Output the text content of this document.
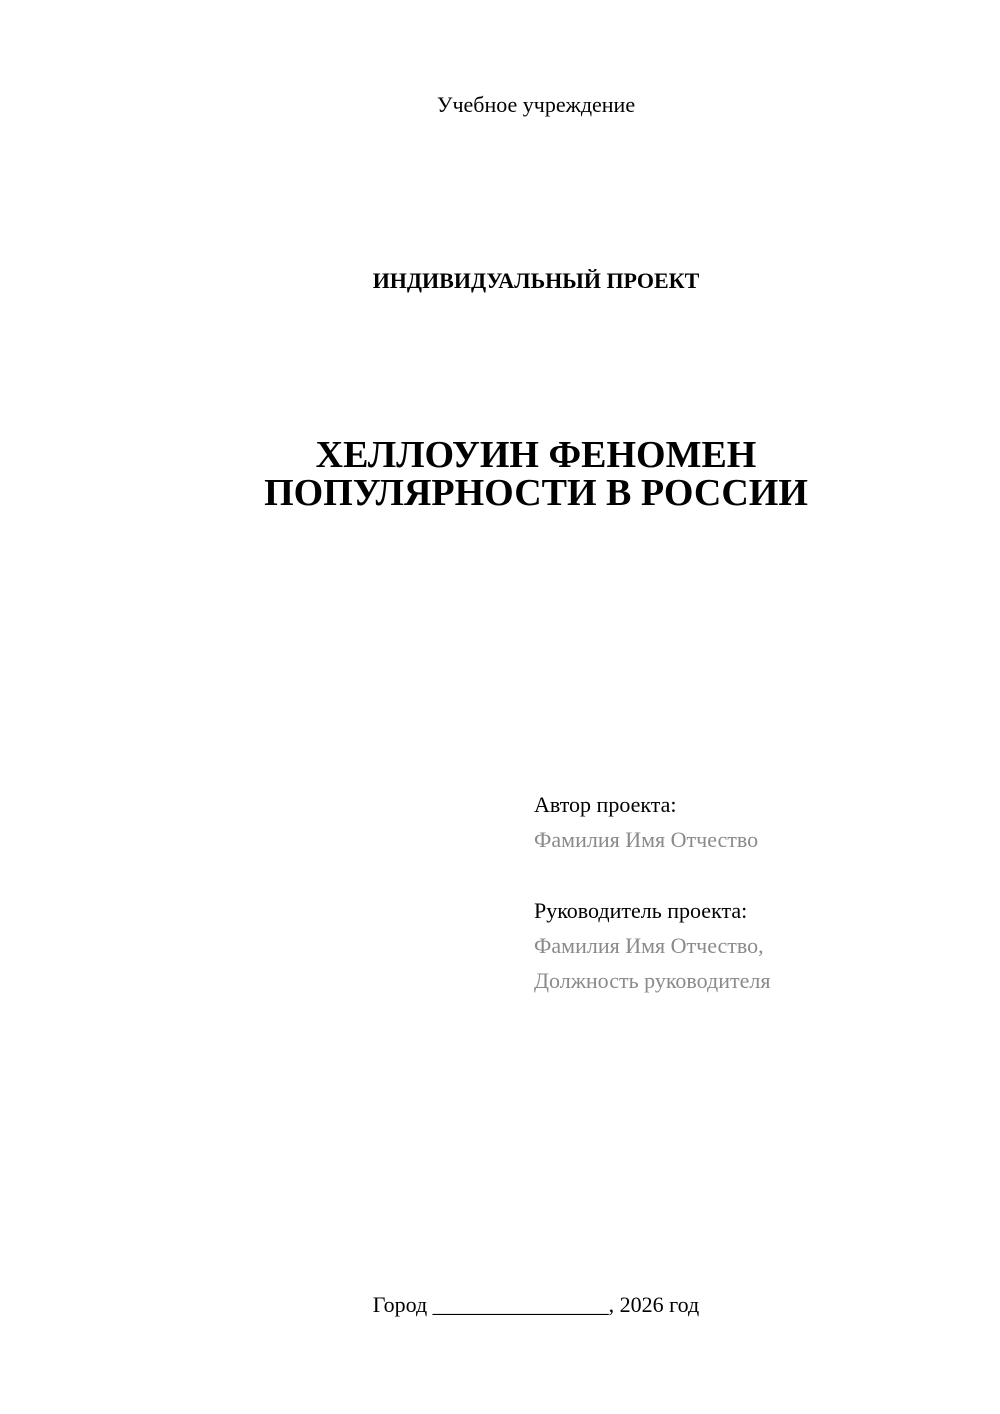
Учебное учреждение
ИНДИВИДУАЛЬНЫЙ ПРОЕКТ
ХЕЛЛОУИН ФЕНОМЕН
ПОПУЛЯРНОСТИ В РОССИИ
Автор проекта:
Фамилия Имя Отчество
Руководитель проекта:
Фамилия Имя Отчество,
Должность руководителя
Город ________________, 2026 год
